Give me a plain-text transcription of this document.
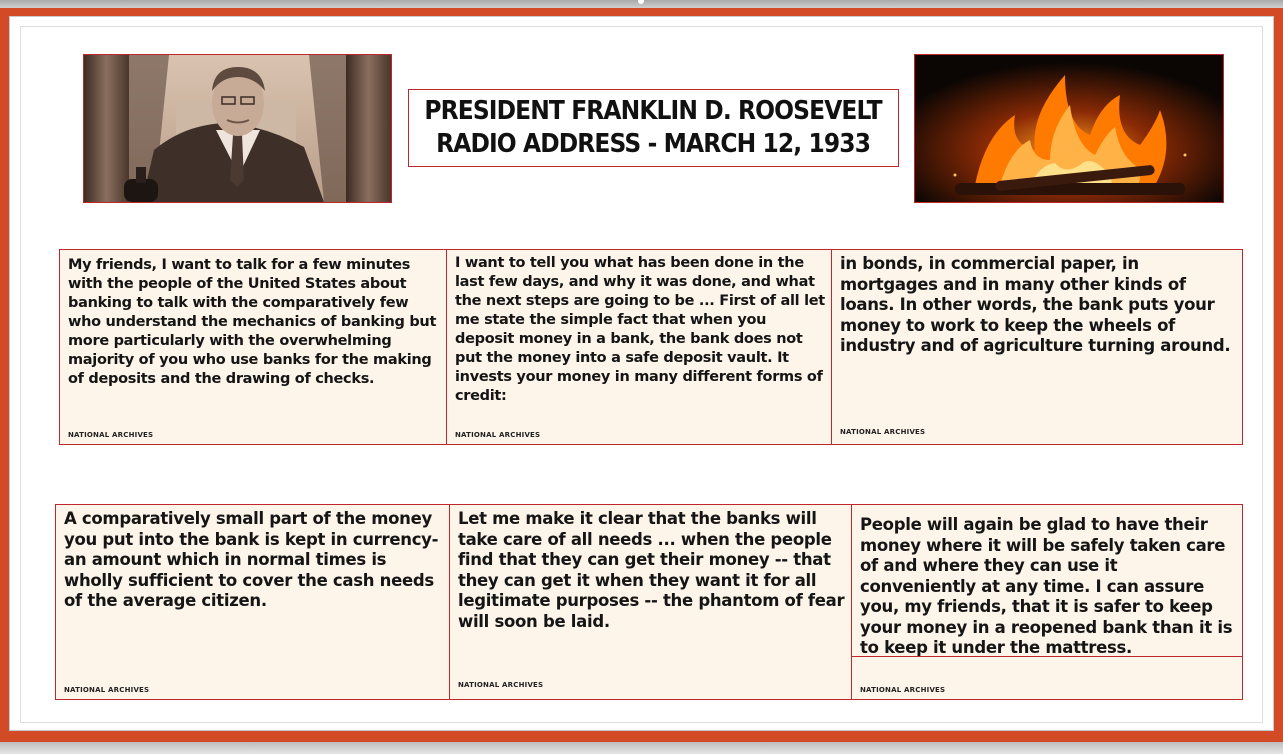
PRESIDENT FRANKLIN D. ROOSEVELT
RADIO ADDRESS - MARCH 12, 1933
My friends, I want to talk for a few minutes with the people of the United States about banking to talk with the comparatively few who understand the mechanics of banking but more particularly with the overwhelming majority of you who use banks for the making of deposits and the drawing of checks.
NATIONAL ARCHIVES
I want to tell you what has been done in the last few days, and why it was done, and what the next steps are going to be ... First of all let me state the simple fact that when you deposit money in a bank, the bank does not put the money into a safe deposit vault. It invests your money in many different forms of credit:
NATIONAL ARCHIVES
in bonds, in commercial paper, in mortgages and in many other kinds of loans. In other words, the bank puts your money to work to keep the wheels of industry and of agriculture turning around.
NATIONAL ARCHIVES
A comparatively small part of the money you put into the bank is kept in currency- an amount which in normal times is wholly sufficient to cover the cash needs of the average citizen.
NATIONAL ARCHIVES
Let me make it clear that the banks will take care of all needs ... when the people find that they can get their money -- that they can get it when they want it for all legitimate purposes -- the phantom of fear will soon be laid.
NATIONAL ARCHIVES
People will again be glad to have their money where it will be safely taken care of and where they can use it conveniently at any time. I can assure you, my friends, that it is safer to keep your money in a reopened bank than it is to keep it under the mattress.
NATIONAL ARCHIVES
